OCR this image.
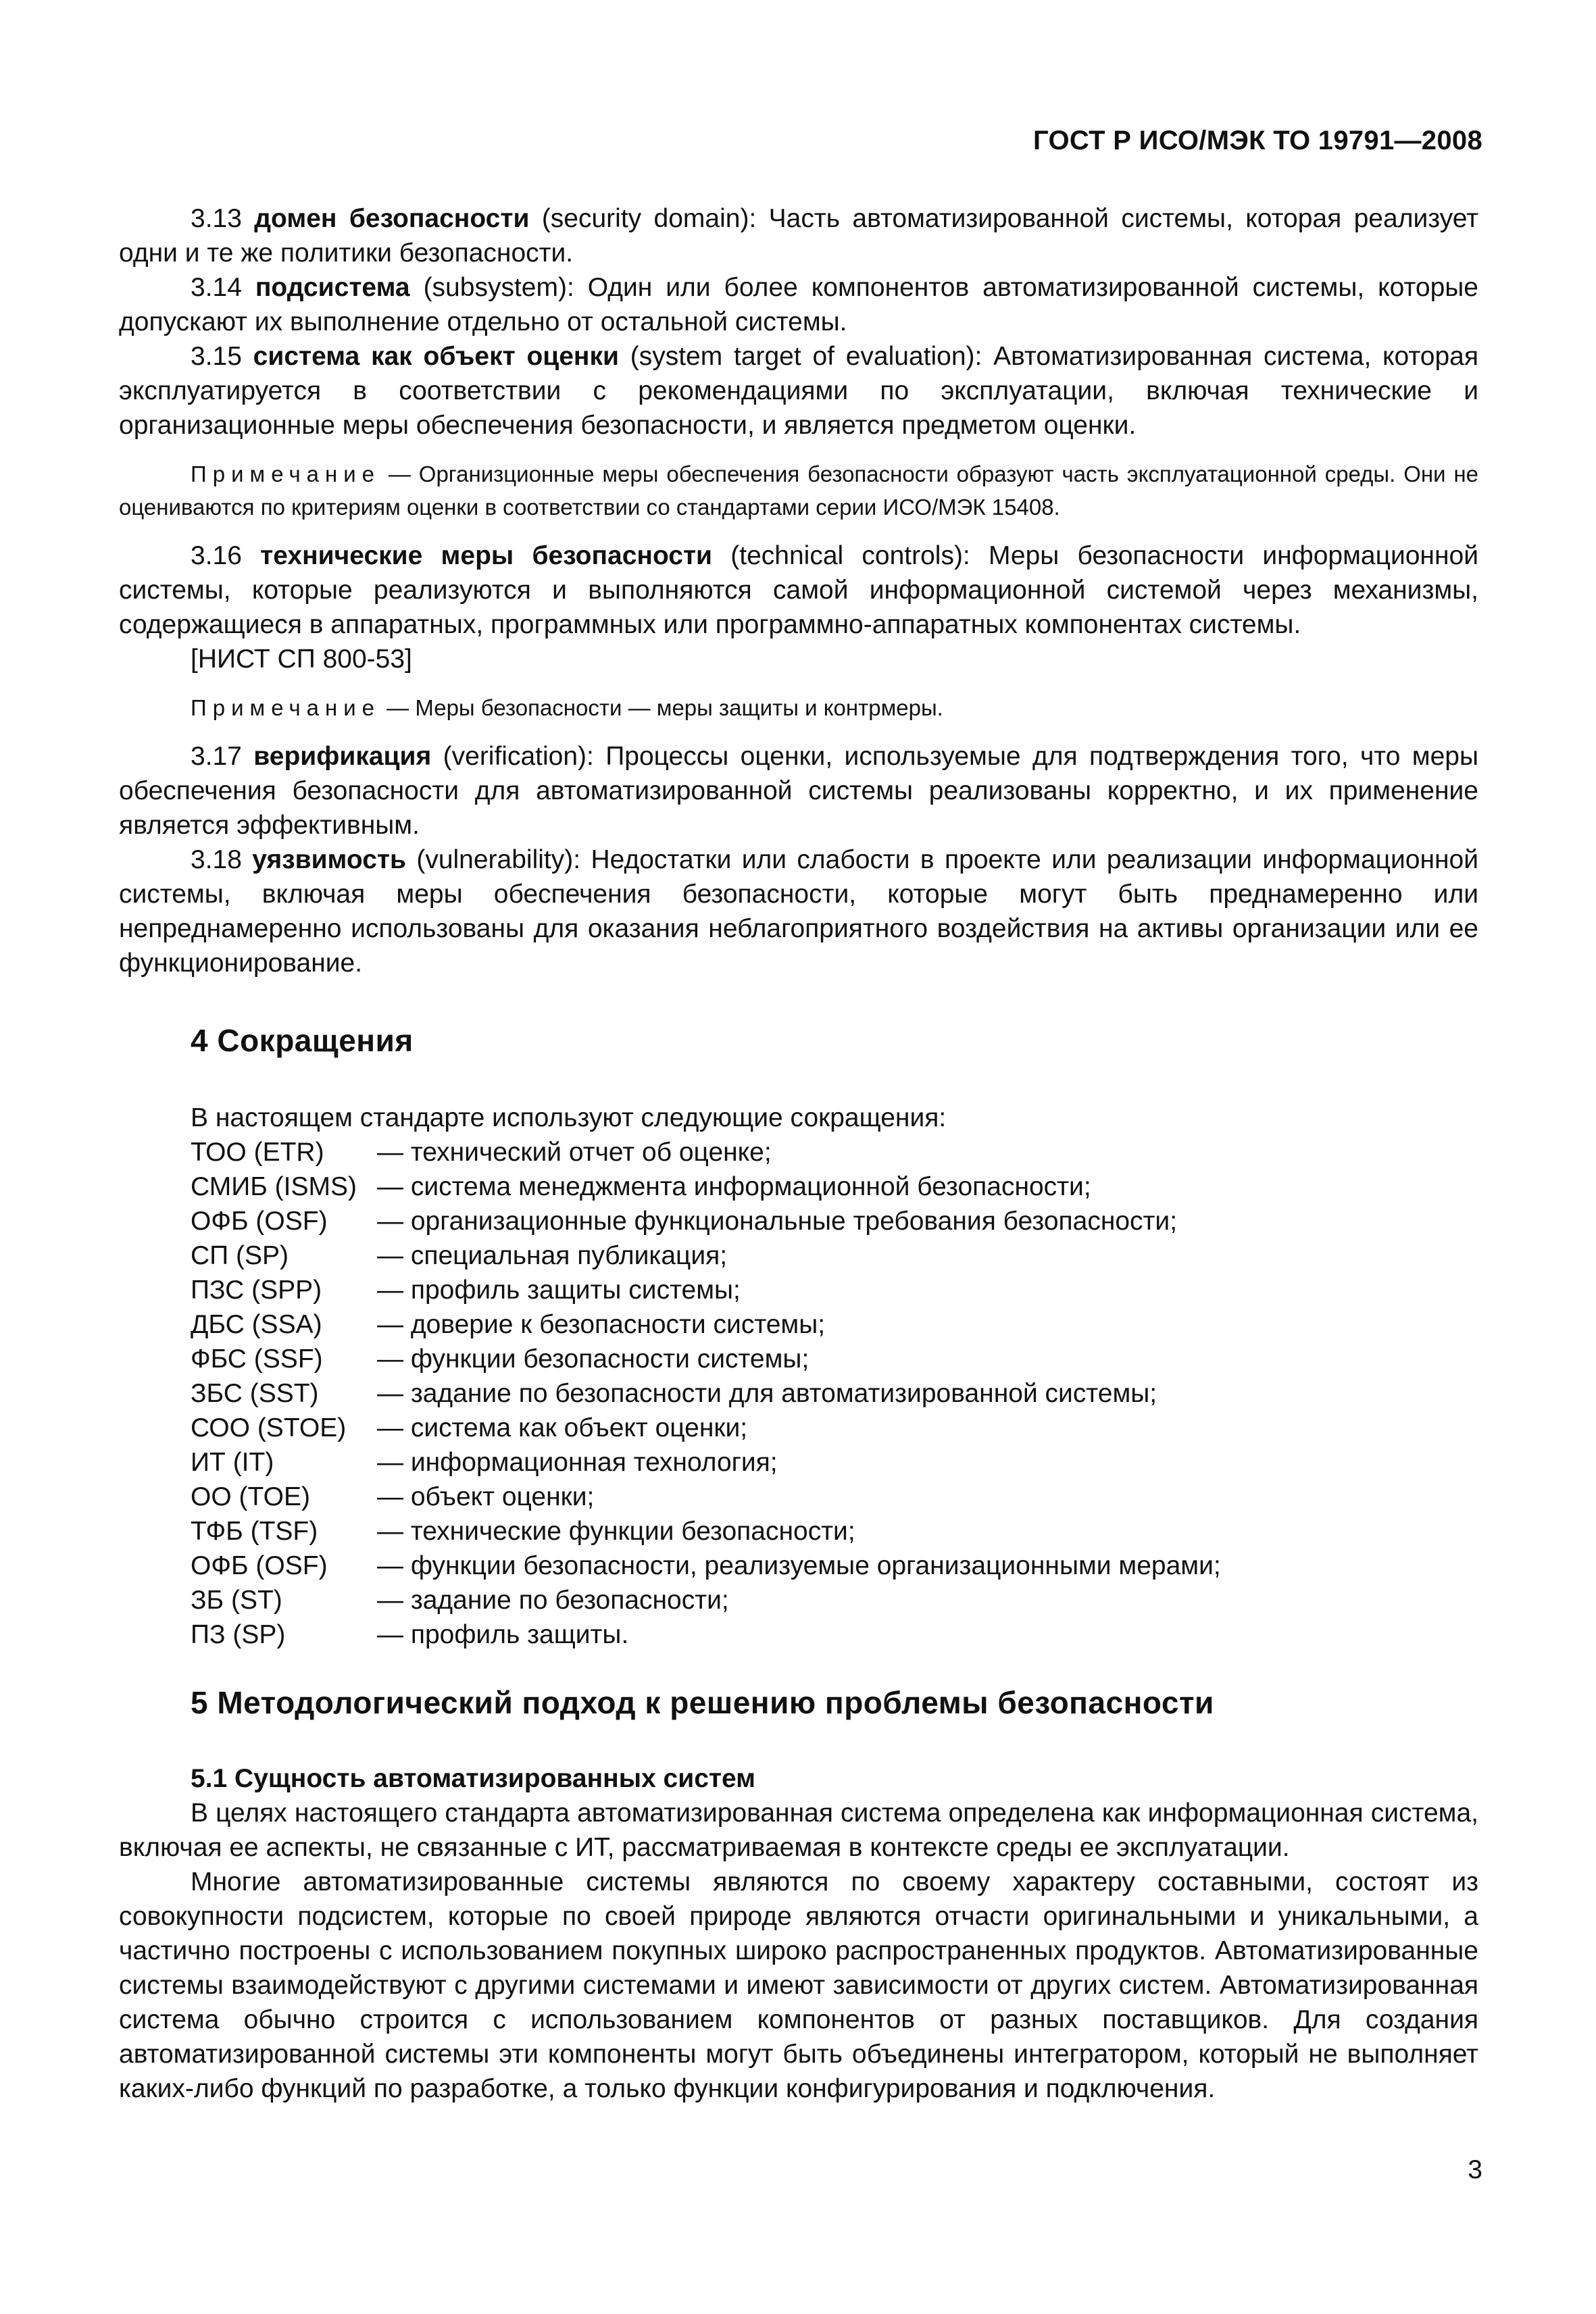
ГОСТ Р ИСО/МЭК ТО 19791—2008

3.13 домен безопасности (security domain): Часть автоматизированной системы, которая реализует одни и те же политики безопасности.

3.14 подсистема (subsystem): Один или более компонентов автоматизированной системы, которые допускают их выполнение отдельно от остальной системы.

3.15 система как объект оценки (system target of evaluation): Автоматизированная система, которая эксплуатируется в соответствии с рекомендациями по эксплуатации, включая технические и организационные меры обеспечения безопасности, и является предметом оценки.

Примечание — Организционные меры обеспечения безопасности образуют часть эксплуатационной среды. Они не оцениваются по критериям оценки в соответствии со стандартами серии ИСО/МЭК 15408.

3.16 технические меры безопасности (technical controls): Меры безопасности информационной системы, которые реализуются и выполняются самой информационной системой через механизмы, содержащиеся в аппаратных, программных или программно-аппаратных компонентах системы.

[НИСТ СП 800-53]

Примечание — Меры безопасности — меры защиты и контрмеры.

3.17 верификация (verification): Процессы оценки, используемые для подтверждения того, что меры обеспечения безопасности для автоматизированной системы реализованы корректно, и их применение является эффективным.

3.18 уязвимость (vulnerability): Недостатки или слабости в проекте или реализации информационной системы, включая меры обеспечения безопасности, которые могут быть преднамеренно или непреднамеренно использованы для оказания неблагоприятного воздействия на активы организации или ее функционирование.

4 Сокращения

В настоящем стандарте используют следующие сокращения:

ТОО (ETR)	— технический отчет об оценке;
СМИБ (ISMS)	— система менеджмента информационной безопасности;
ОФБ (OSF)	— организационные функциональные требования безопасности;
СП (SP)	— специальная публикация;
ПЗС (SPP)	— профиль защиты системы;
ДБС (SSA)	— доверие к безопасности системы;
ФБС (SSF)	— функции безопасности системы;
ЗБС (SST)	— задание по безопасности для автоматизированной системы;
СОО (STOE)	— система как объект оценки;
ИТ (IT)	— информационная технология;
ОО (TOE)	— объект оценки;
ТФБ (TSF)	— технические функции безопасности;
ОФБ (OSF)	— функции безопасности, реализуемые организационными мерами;
ЗБ (ST)	— задание по безопасности;
ПЗ (SP)	— профиль защиты.
5 Методологический подход к решению проблемы безопасности

5.1 Сущность автоматизированных систем

В целях настоящего стандарта автоматизированная система определена как информационная система, включая ее аспекты, не связанные с ИТ, рассматриваемая в контексте среды ее эксплуатации.

Многие автоматизированные системы являются по своему характеру составными, состоят из совокупности подсистем, которые по своей природе являются отчасти оригинальными и уникальными, а частично построены с использованием покупных широко распространенных продуктов. Автоматизированные системы взаимодействуют с другими системами и имеют зависимости от других систем. Автоматизированная система обычно строится с использованием компонентов от разных поставщиков. Для создания автоматизированной системы эти компоненты могут быть объединены интегратором, который не выполняет каких-либо функций по разработке, а только функции конфигурирования и подключения.

3
